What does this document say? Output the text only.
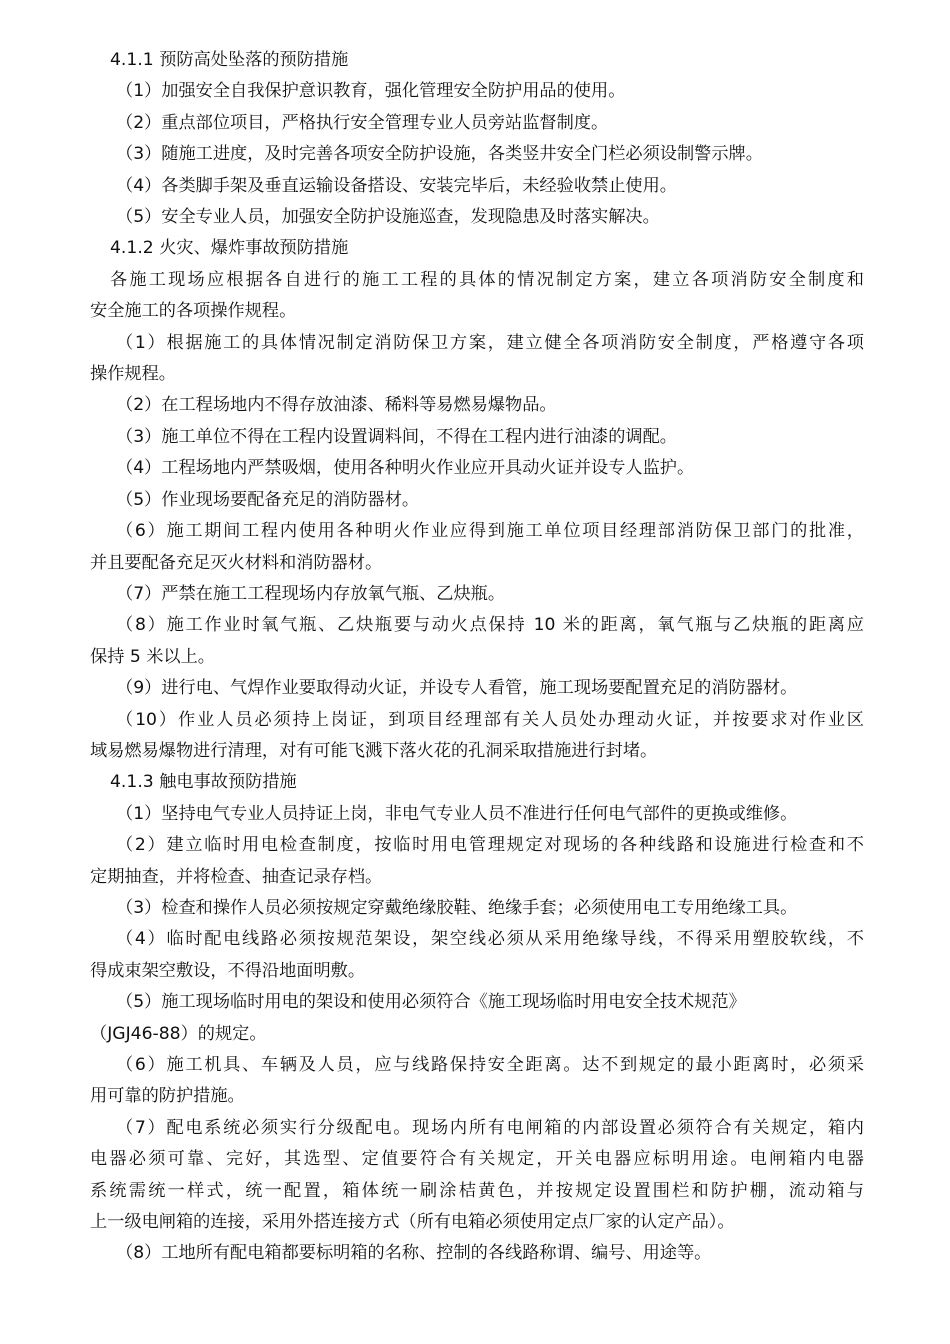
4.1.1 预防高处坠落的预防措施
（1）加强安全自我保护意识教育，强化管理安全防护用品的使用。
（2）重点部位项目，严格执行安全管理专业人员旁站监督制度。
（3）随施工进度，及时完善各项安全防护设施，各类竖井安全门栏必须设制警示牌。
（4）各类脚手架及垂直运输设备搭设、安装完毕后，未经验收禁止使用。
（5）安全专业人员，加强安全防护设施巡查，发现隐患及时落实解决。
4.1.2 火灾、爆炸事故预防措施
各施工现场应根据各自进行的施工工程的具体的情况制定方案，建立各项消防安全制度和
安全施工的各项操作规程。
（1）根据施工的具体情况制定消防保卫方案，建立健全各项消防安全制度，严格遵守各项
操作规程。
（2）在工程场地内不得存放油漆、稀料等易燃易爆物品。
（3）施工单位不得在工程内设置调料间，不得在工程内进行油漆的调配。
（4）工程场地内严禁吸烟，使用各种明火作业应开具动火证并设专人监护。
（5）作业现场要配备充足的消防器材。
（6）施工期间工程内使用各种明火作业应得到施工单位项目经理部消防保卫部门的批准，
并且要配备充足灭火材料和消防器材。
（7）严禁在施工工程现场内存放氧气瓶、乙炔瓶。
（8）施工作业时氧气瓶、乙炔瓶要与动火点保持 10 米的距离，氧气瓶与乙炔瓶的距离应
保持 5 米以上。
（9）进行电、气焊作业要取得动火证，并设专人看管，施工现场要配置充足的消防器材。
（10）作业人员必须持上岗证，到项目经理部有关人员处办理动火证，并按要求对作业区
域易燃易爆物进行清理，对有可能飞溅下落火花的孔洞采取措施进行封堵。
4.1.3 触电事故预防措施
（1）坚持电气专业人员持证上岗，非电气专业人员不准进行任何电气部件的更换或维修。
（2）建立临时用电检查制度，按临时用电管理规定对现场的各种线路和设施进行检查和不
定期抽查，并将检查、抽查记录存档。
（3）检查和操作人员必须按规定穿戴绝缘胶鞋、绝缘手套；必须使用电工专用绝缘工具。
（4）临时配电线路必须按规范架设，架空线必须从采用绝缘导线，不得采用塑胶软线，不
得成束架空敷设，不得沿地面明敷。
（5）施工现场临时用电的架设和使用必须符合《施工现场临时用电安全技术规范》
（JGJ46-88）的规定。
（6）施工机具、车辆及人员，应与线路保持安全距离。达不到规定的最小距离时，必须采
用可靠的防护措施。
（7）配电系统必须实行分级配电。现场内所有电闸箱的内部设置必须符合有关规定，箱内
电器必须可靠、完好，其选型、定值要符合有关规定，开关电器应标明用途。电闸箱内电器
系统需统一样式，统一配置，箱体统一刷涂桔黄色，并按规定设置围栏和防护棚，流动箱与
上一级电闸箱的连接，采用外搭连接方式（所有电箱必须使用定点厂家的认定产品）。
（8）工地所有配电箱都要标明箱的名称、控制的各线路称谓、编号、用途等。
